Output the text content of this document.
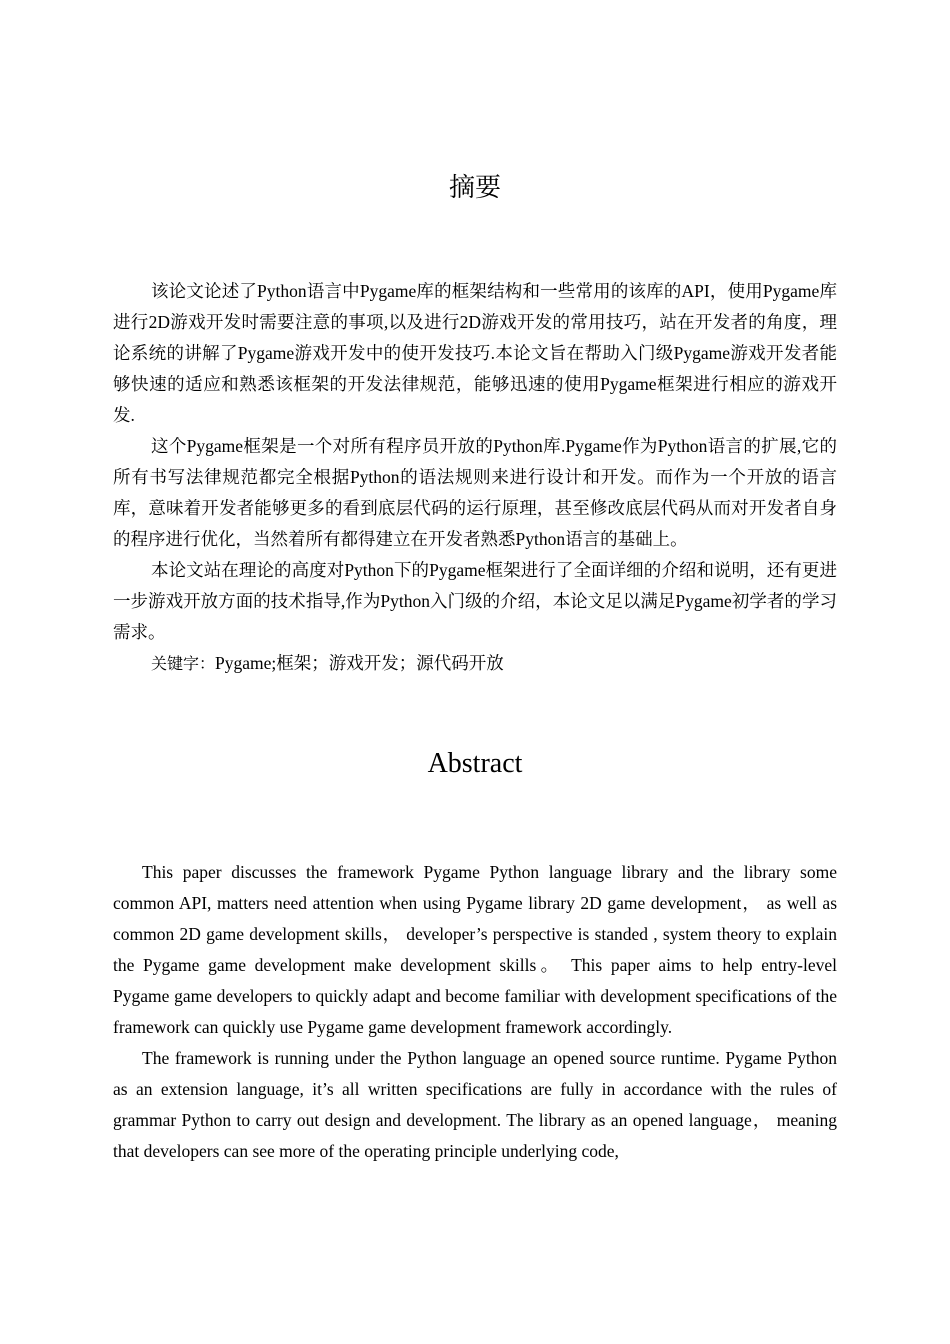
摘要

该论文论述了Python语言中Pygame库的框架结构和一些常用的该库的API，使用Pygame库进行2D游戏开发时需要注意的事项,以及进行2D游戏开发的常用技巧，站在开发者的角度，理论系统的讲解了Pygame游戏开发中的使开发技巧.本论文旨在帮助入门级Pygame游戏开发者能够快速的适应和熟悉该框架的开发法律规范，能够迅速的使用Pygame框架进行相应的游戏开发.

这个Pygame框架是一个对所有程序员开放的Python库.Pygame作为Python语言的扩展,它的所有书写法律规范都完全根据Python的语法规则来进行设计和开发。而作为一个开放的语言库，意味着开发者能够更多的看到底层代码的运行原理，甚至修改底层代码从而对开发者自身的程序进行优化，当然着所有都得建立在开发者熟悉Python语言的基础上。

本论文站在理论的高度对Python下的Pygame框架进行了全面详细的介绍和说明，还有更进一步游戏开放方面的技术指导,作为Python入门级的介绍，本论文足以满足Pygame初学者的学习需求。

关键字：Pygame;框架；游戏开发；源代码开放

Abstract

This paper discusses the framework Pygame Python language library and the library some common API, matters need attention when using Pygame library 2D game development， as well as common 2D game development skills， developer’s perspective is standed , system theory to explain the Pygame game development make development skills。 This paper aims to help entry-level Pygame game developers to quickly adapt and become familiar with development specifications of the framework can quickly use Pygame game development framework accordingly.

The framework is running under the Python language an opened source runtime. Pygame Python as an extension language, it’s all written specifications are fully in accordance with the rules of grammar Python to carry out design and development. The library as an opened language， meaning that developers can see more of the operating principle underlying code,
